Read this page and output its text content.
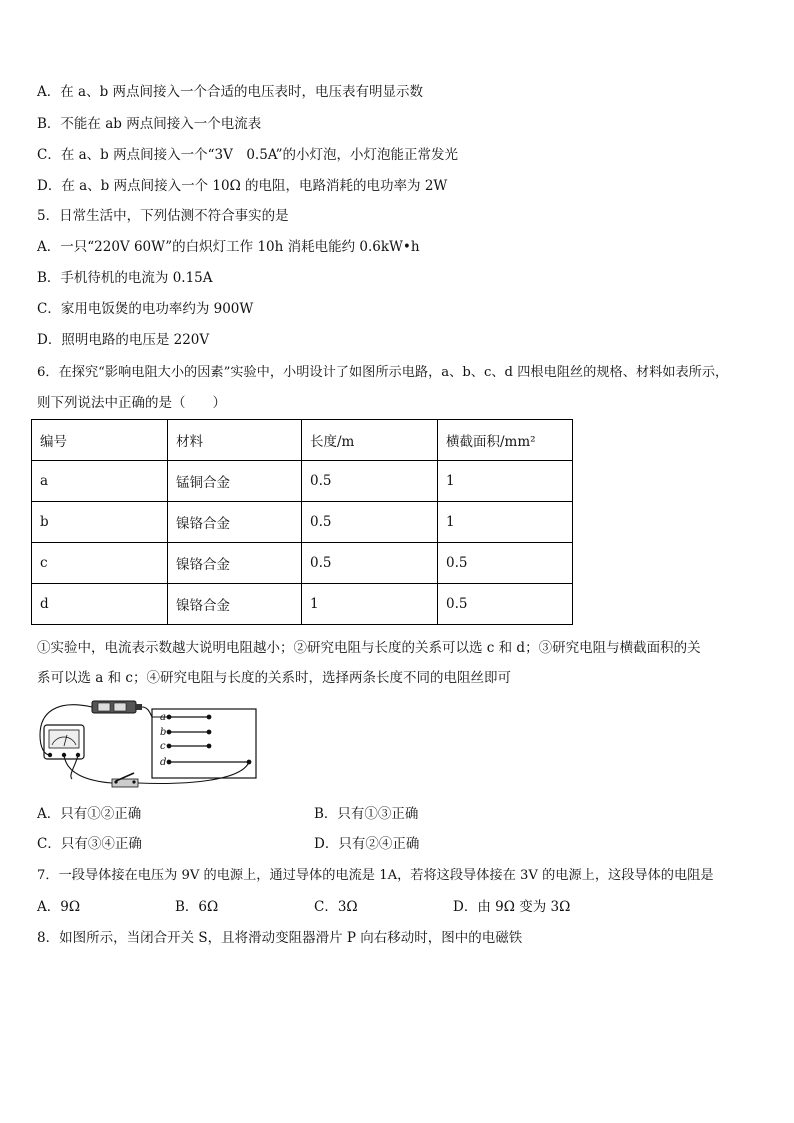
A．在 a、b 两点间接入一个合适的电压表时，电压表有明显示数
B．不能在 ab 两点间接入一个电流表
C．在 a、b 两点间接入一个“3V　0.5A”的小灯泡，小灯泡能正常发光
D．在 a、b 两点间接入一个 10Ω 的电阻，电路消耗的电功率为 2W
5．日常生活中，下列估测不符合事实的是
A．一只“220V 60W”的白炽灯工作 10h 消耗电能约 0.6kW•h
B．手机待机的电流为 0.15A
C．家用电饭煲的电功率约为 900W
D．照明电路的电压是 220V
6．在探究“影响电阻大小的因素”实验中，小明设计了如图所示电路，a、b、c、d 四根电阻丝的规格、材料如表所示，
则下列说法中正确的是（　　）
编号	材料	长度/m	横截面积/mm²
a	锰铜合金	0.5	1
b	镍铬合金	0.5	1
c	镍铬合金	0.5	0.5
d	镍铬合金	1	0.5
①实验中，电流表示数越大说明电阻越小；②研究电阻与长度的关系可以选 c 和 d；③研究电阻与横截面积的关
系可以选 a 和 c；④研究电阻与长度的关系时，选择两条长度不同的电阻丝即可
a
b
c
d
A．只有①②正确	B．只有①③正确
C．只有③④正确	D．只有②④正确
7．一段导体接在电压为 9V 的电源上，通过导体的电流是 1A，若将这段导体接在 3V 的电源上，这段导体的电阻是
A．9Ω	B．6Ω	C．3Ω	D．由 9Ω 变为 3Ω
8．如图所示，当闭合开关 S，且将滑动变阻器滑片 P 向右移动时，图中的电磁铁
